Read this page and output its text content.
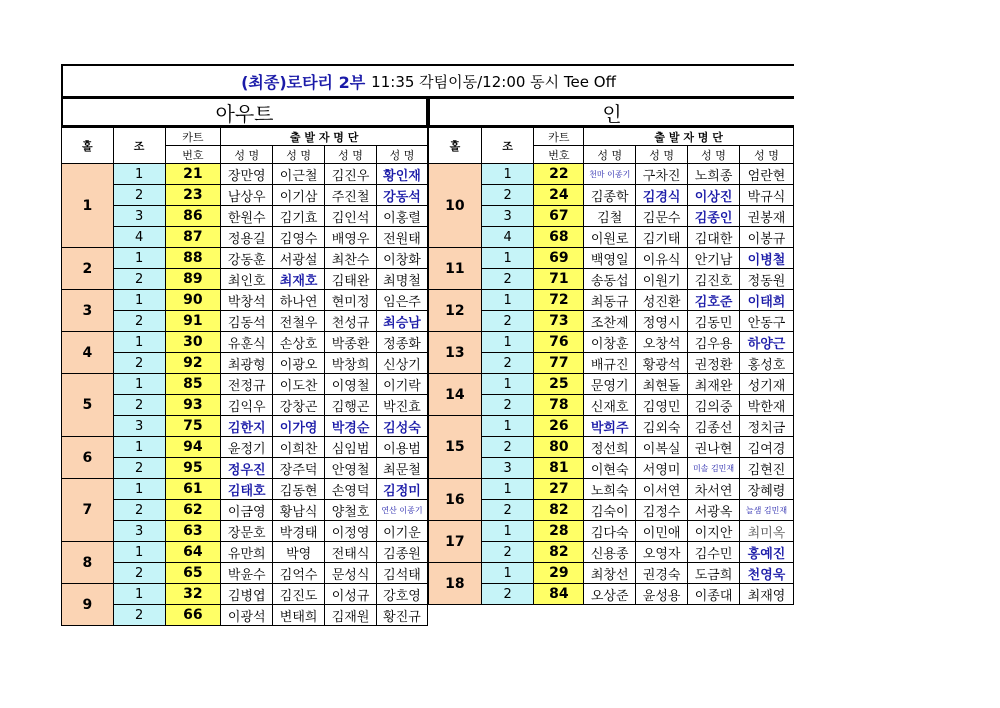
(최종)로타리 2부 11:35 각팀이동/12:00 동시 Tee Off
아우트
홀	조	카트	출 발 자 명 단			
		번호	성 명	성 명	성 명	성 명
1	1	21	장만영	이근철	김진우	황인재
	2	23	남상우	이기삼	주진철	강동석
	3	86	한원수	김기효	김인석	이홍렬
	4	87	정용길	김영수	배영우	전원태
2	1	88	강동훈	서광설	최찬수	이창화
	2	89	최인호	최재호	김태완	최명철
3	1	90	박창석	하나연	현미정	임은주
	2	91	김동석	전철우	천성규	최승남
4	1	30	유훈식	손상호	박종환	정종화
	2	92	최광형	이광오	박창희	신상기
5	1	85	전정규	이도찬	이영철	이기락
	2	93	김익우	강창곤	김행곤	박진효
	3	75	김한지	이가영	박경순	김성숙
6	1	94	윤정기	이희찬	심임범	이용범
	2	95	정우진	장주덕	안영철	최문철
7	1	61	김태호	김동현	손영덕	김정미
	2	62	이금영	황남식	양철호	연산 이종기
	3	63	장문호	박경태	이정영	이기운
8	1	64	유만희	박영	전태식	김종원
	2	65	박윤수	김억수	문성식	김석태
9	1	32	김병엽	김진도	이성규	강호영
	2	66	이광석	변태희	김재원	황진규
인
홀	조	카트	출 발 자 명 단			
		번호	성 명	성 명	성 명	성 명
10	1	22	천마 이종기	구차진	노희종	엄란현
	2	24	김종학	김경식	이상진	박규식
	3	67	김철	김문수	김종인	권봉재
	4	68	이원로	김기태	김대한	이봉규
11	1	69	백영일	이유식	안기남	이병철
	2	71	송동섭	이원기	김진호	정동원
12	1	72	최동규	성진환	김호준	이태희
	2	73	조찬제	정영시	김동민	안동구
13	1	76	이창훈	오창석	김우용	하양근
	2	77	배규진	황광석	권정환	홍성호
14	1	25	문영기	최현돌	최재완	성기재
	2	78	신재호	김영민	김의중	박한재
15	1	26	박희주	김외숙	김종선	정치금
	2	80	정선희	이복실	권나현	김여경
	3	81	이현숙	서영미	미솔 김민재	김현진
16	1	27	노희숙	이서연	차서연	장혜령
	2	82	김숙이	김정수	서광옥	늘샘 김민재
17	1	28	김다숙	이민애	이지안	최미옥
	2	82	신용종	오영자	김수민	홍예진
18	1	29	최창선	권경숙	도금희	천영욱
	2	84	오상준	윤성용	이종대	최재영
